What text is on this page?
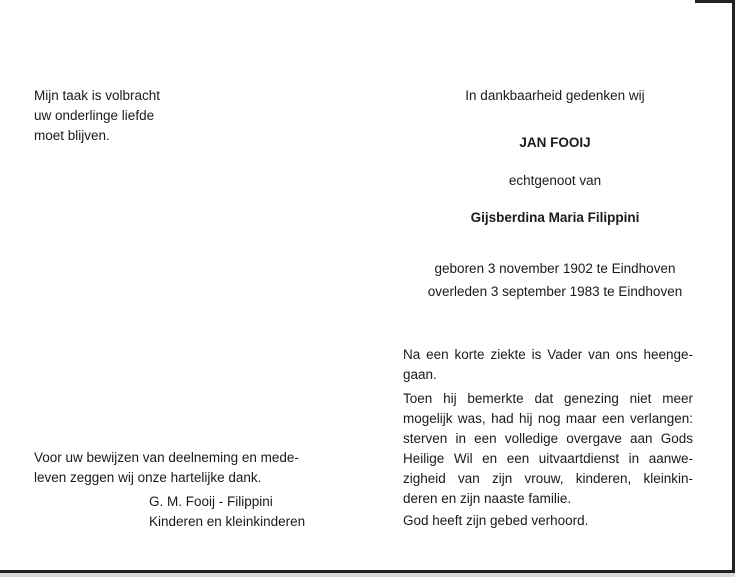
Mijn taak is volbracht
uw onderlinge liefde
moet blijven.
In dankbaarheid gedenken wij
JAN FOOIJ
echtgenoot van
Gijsberdina Maria Filippini
geboren 3 november 1902 te Eindhoven
overleden 3 september 1983 te Eindhoven
Na een korte ziekte is Vader van ons heenge-
gaan.
Toen hij bemerkte dat genezing niet meer
mogelijk was, had hij nog maar een verlangen:
sterven in een volledige overgave aan Gods
Heilige Wil en een uitvaartdienst in aanwe-
zigheid van zijn vrouw, kinderen, kleinkin-
deren en zijn naaste familie.
God heeft zijn gebed verhoord.
Voor uw bewijzen van deelneming en mede-
leven zeggen wij onze hartelijke dank.
G. M. Fooij - Filippini
Kinderen en kleinkinderen
